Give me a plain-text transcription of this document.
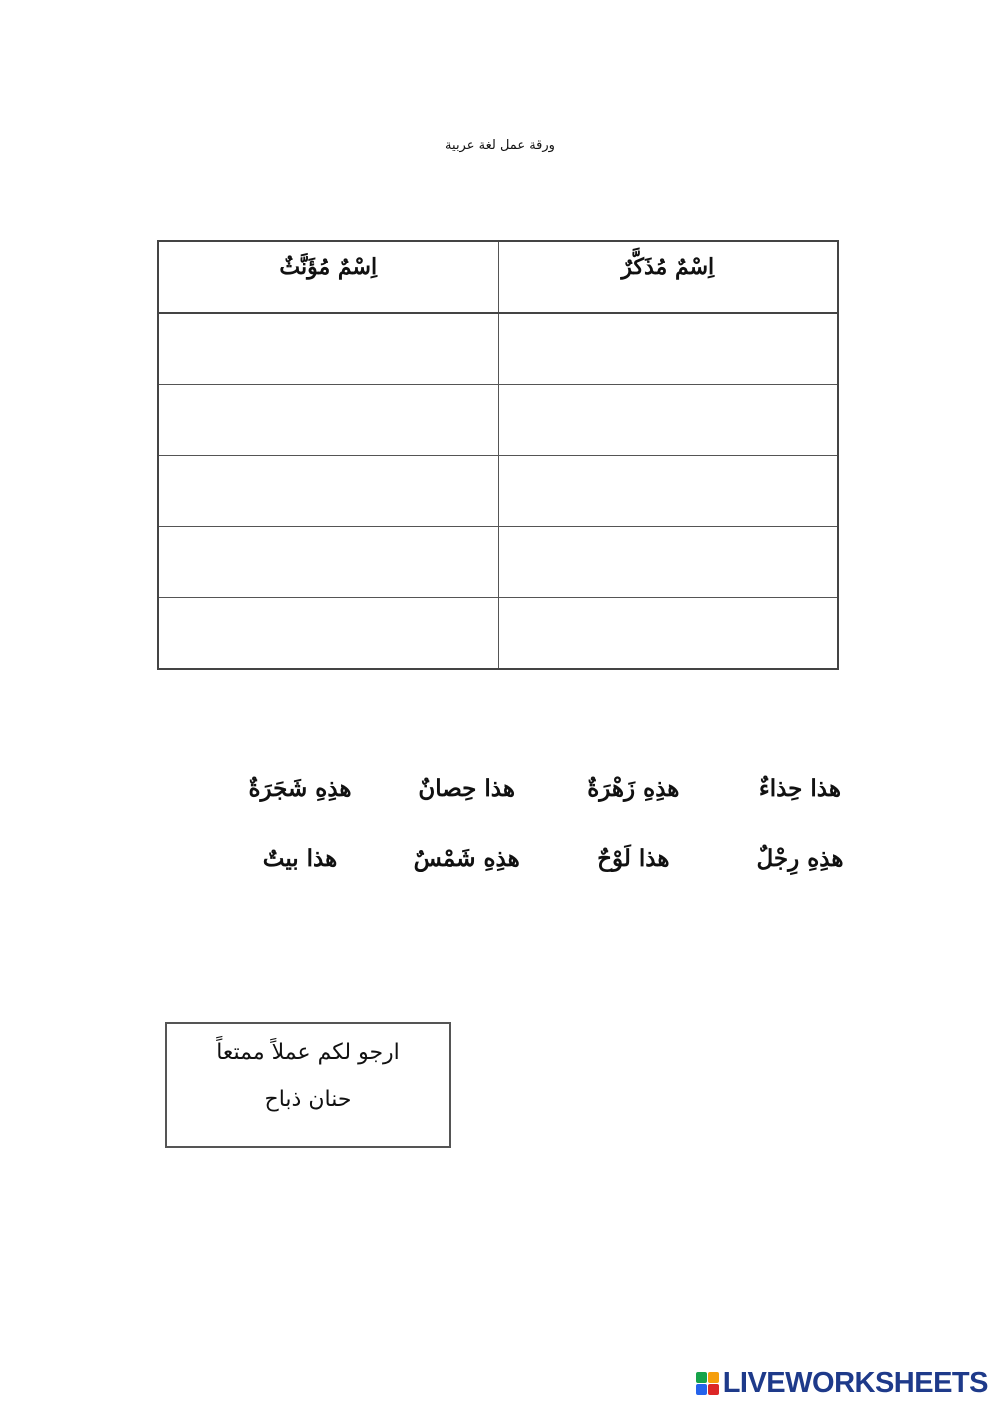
ورقة عمل لغة عربية
اِسْمٌ مُؤَنَّثٌ	اِسْمٌ مُذَكَّرٌ

هذا حِذاءٌ
هذِهِ زَهْرَةٌ
هذا حِصانٌ
هذِهِ شَجَرَةٌ
هذِهِ رِجْلٌ
هذا لَوْحٌ
هذِهِ شَمْسٌ
هذا بيتٌ
ارجو لكم عملاً ممتعاً
حنان ذباح
LIVEWORKSHEETS
